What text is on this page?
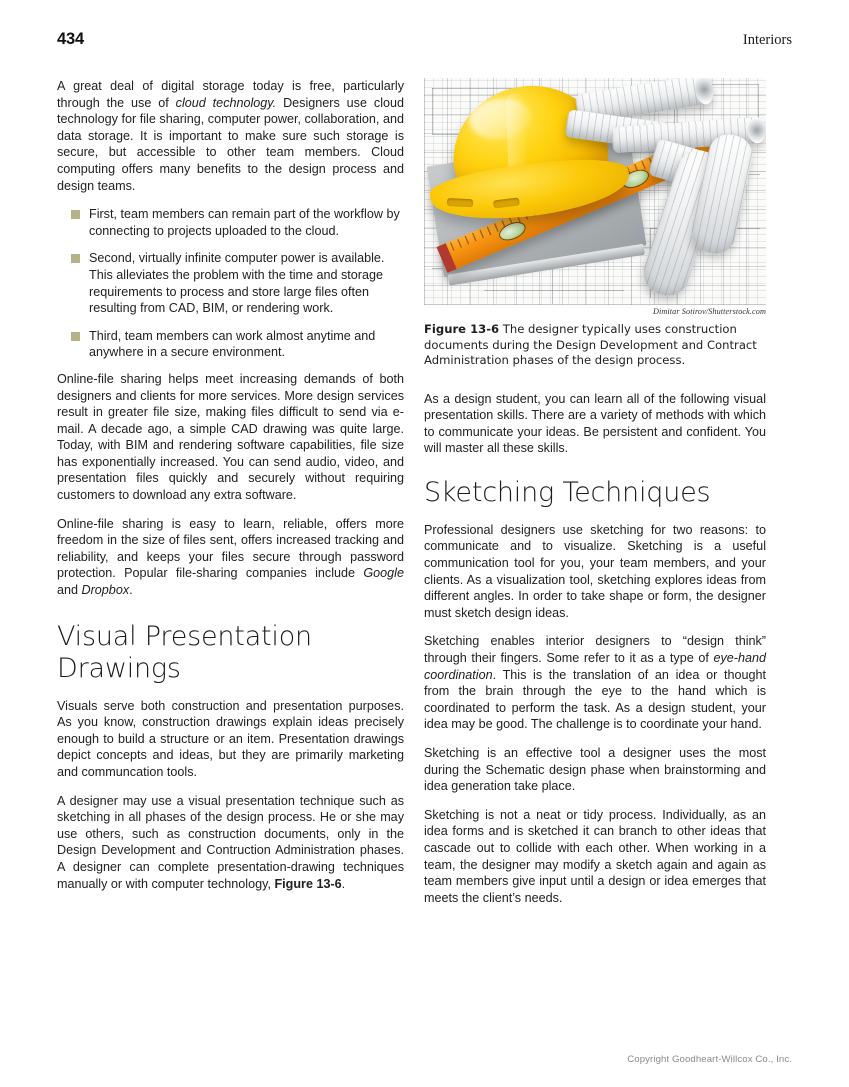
434	Interiors

A great deal of digital storage today is free, particularly through the use of cloud technology. Designers use cloud technology for file sharing, computer power, collaboration, and data storage. It is important to make sure such storage is secure, but accessible to other team members. Cloud computing offers many benefits to the design process and design teams.

First, team members can remain part of the workflow by connecting to projects uploaded to the cloud.
Second, virtually infinite computer power is available. This alleviates the problem with the time and storage requirements to process and store large files often resulting from CAD, BIM, or rendering work.
Third, team members can work almost anytime and anywhere in a secure environment.

Online-file sharing helps meet increasing demands of both designers and clients for more services. More design services result in greater file size, making files difficult to send via e-mail. A decade ago, a simple CAD drawing was quite large. Today, with BIM and rendering software capabilities, file size has exponentially increased. You can send audio, video, and presentation files quickly and securely without requiring customers to download any extra software.

Online-file sharing is easy to learn, reliable, offers more freedom in the size of files sent, offers increased tracking and reliability, and keeps your files secure through password protection. Popular file-sharing companies include Google and Dropbox.

Visual Presentation Drawings

Visuals serve both construction and presentation purposes. As you know, construction drawings explain ideas precisely enough to build a structure or an item. Presentation drawings depict concepts and ideas, but they are primarily marketing and communcation tools.

A designer may use a visual presentation technique such as sketching in all phases of the design process. He or she may use others, such as construction documents, only in the Design Development and Contruction Administration phases. A designer can complete presentation-drawing techniques manually or with computer technology, Figure 13-6.

Dimitar Sotirov/Shutterstock.com
Figure 13-6 The designer typically uses construction documents during the Design Development and Contract Administration phases of the design process.

As a design student, you can learn all of the following visual presentation skills. There are a variety of methods with which to communicate your ideas. Be persistent and confident. You will master all these skills.

Sketching Techniques

Professional designers use sketching for two reasons: to communicate and to visualize. Sketching is a useful communication tool for you, your team members, and your clients. As a visualization tool, sketching explores ideas from different angles. In order to take shape or form, the designer must sketch design ideas.

Sketching enables interior designers to “design think” through their fingers. Some refer to it as a type of eye-hand coordination. This is the translation of an idea or thought from the brain through the eye to the hand which is coordinated to perform the task. As a design student, your idea may be good. The challenge is to coordinate your hand.

Sketching is an effective tool a designer uses the most during the Schematic design phase when brainstorming and idea generation take place.

Sketching is not a neat or tidy process. Individually, as an idea forms and is sketched it can branch to other ideas that cascade out to collide with each other. When working in a team, the designer may modify a sketch again and again as team members give input until a design or idea emerges that meets the client’s needs.

Copyright Goodheart-Willcox Co., Inc.
